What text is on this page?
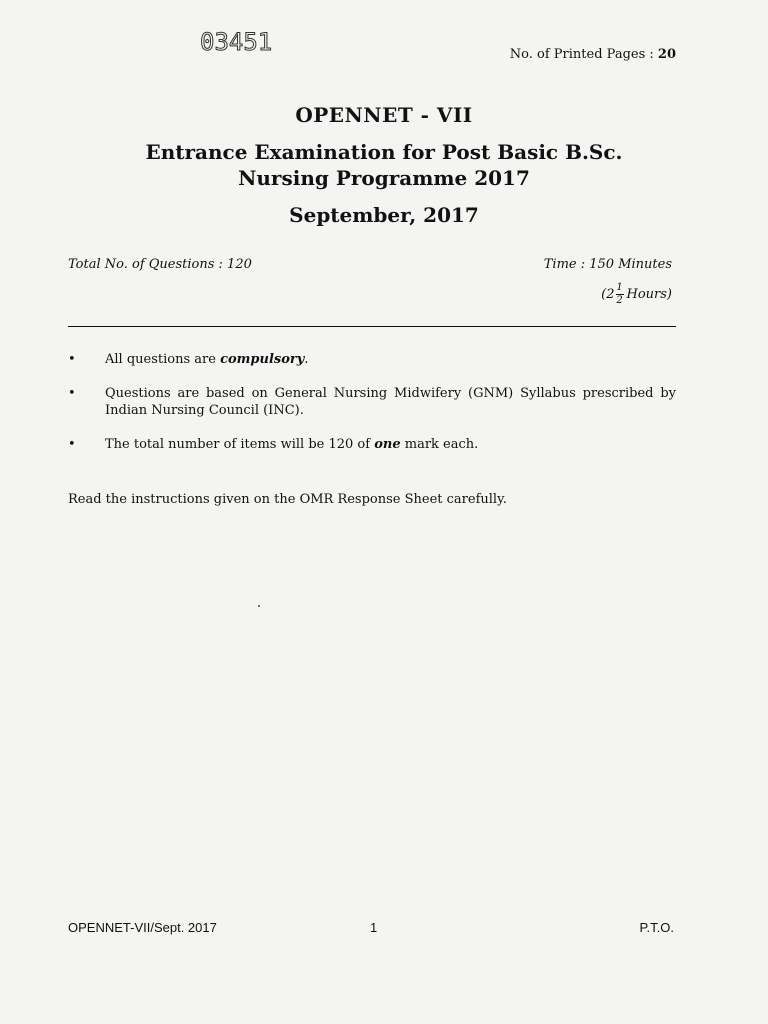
03451	No. of Printed Pages : 20
OPENNET - VII
Entrance Examination for Post Basic B.Sc.
Nursing Programme 2017
September, 2017
Total No. of Questions : 120	Time : 150 Minutes
($2 \frac{1}{2}$ Hours)
• All questions are compulsory.
• Questions are based on General Nursing Midwifery (GNM) Syllabus prescribed by Indian Nursing Council (INC).
• The total number of items will be 120 of one mark each.
Read the instructions given on the OMR Response Sheet carefully.
OPENNET-VII/Sept. 2017	1	P.T.O.
